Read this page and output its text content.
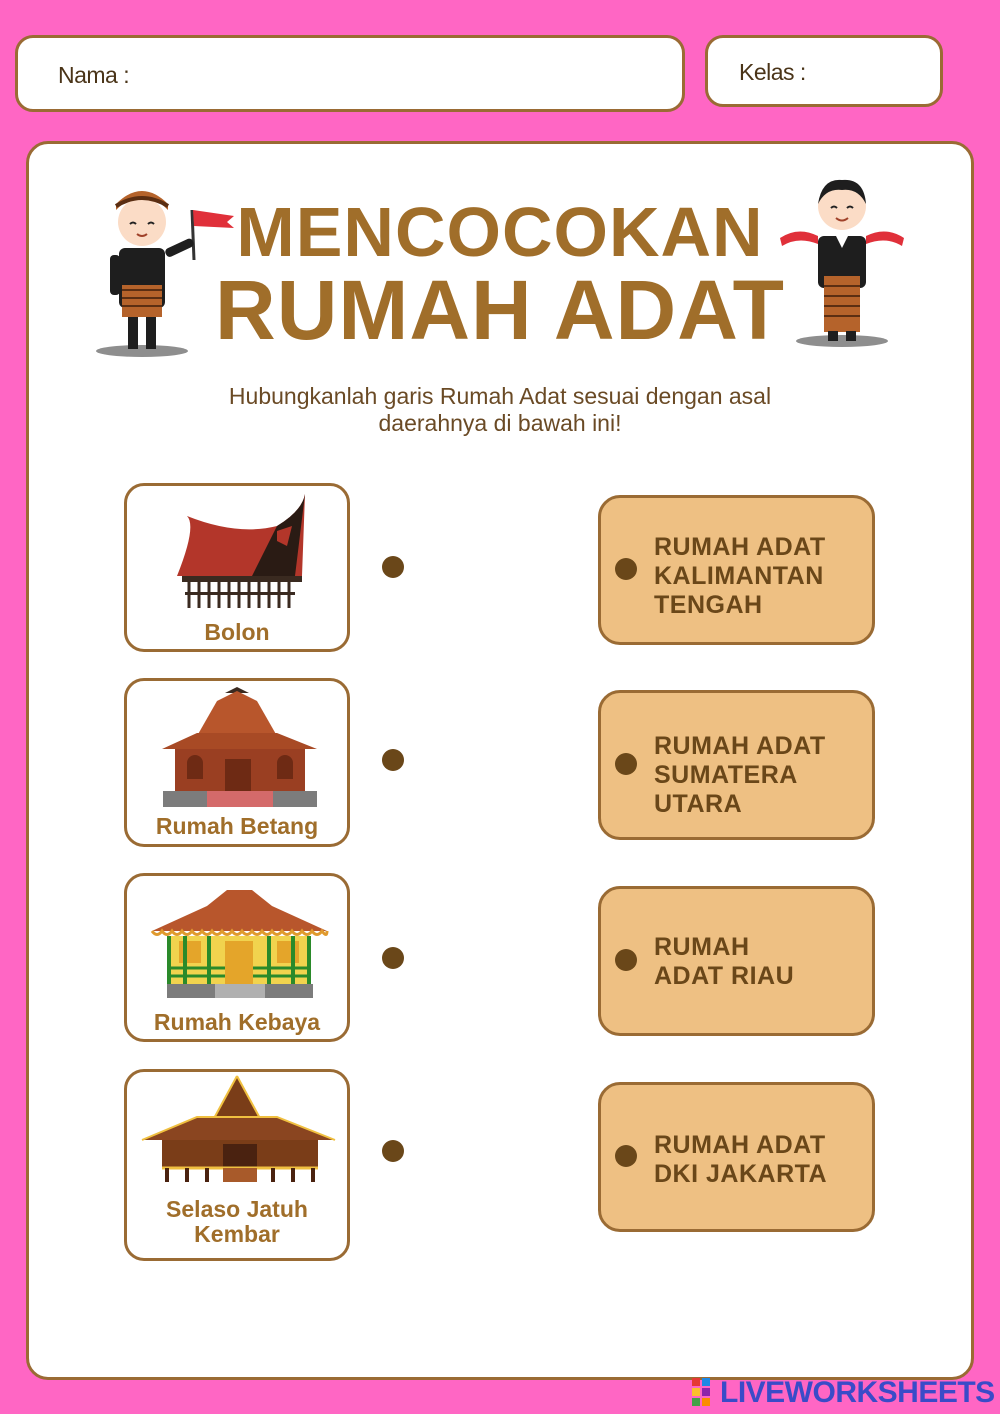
Nama :	Kelas :
MENCOCOKAN
RUMAH ADAT
Hubungkanlah garis Rumah Adat sesuai dengan asal daerahnya di bawah ini!
Bolon
Rumah Betang
Rumah Kebaya
Selaso Jatuh
Kembar
RUMAH ADAT
KALIMANTAN
TENGAH
RUMAH ADAT
SUMATERA
UTARA
RUMAH
ADAT RIAU
RUMAH ADAT
DKI JAKARTA
LIVEWORKSHEETS
